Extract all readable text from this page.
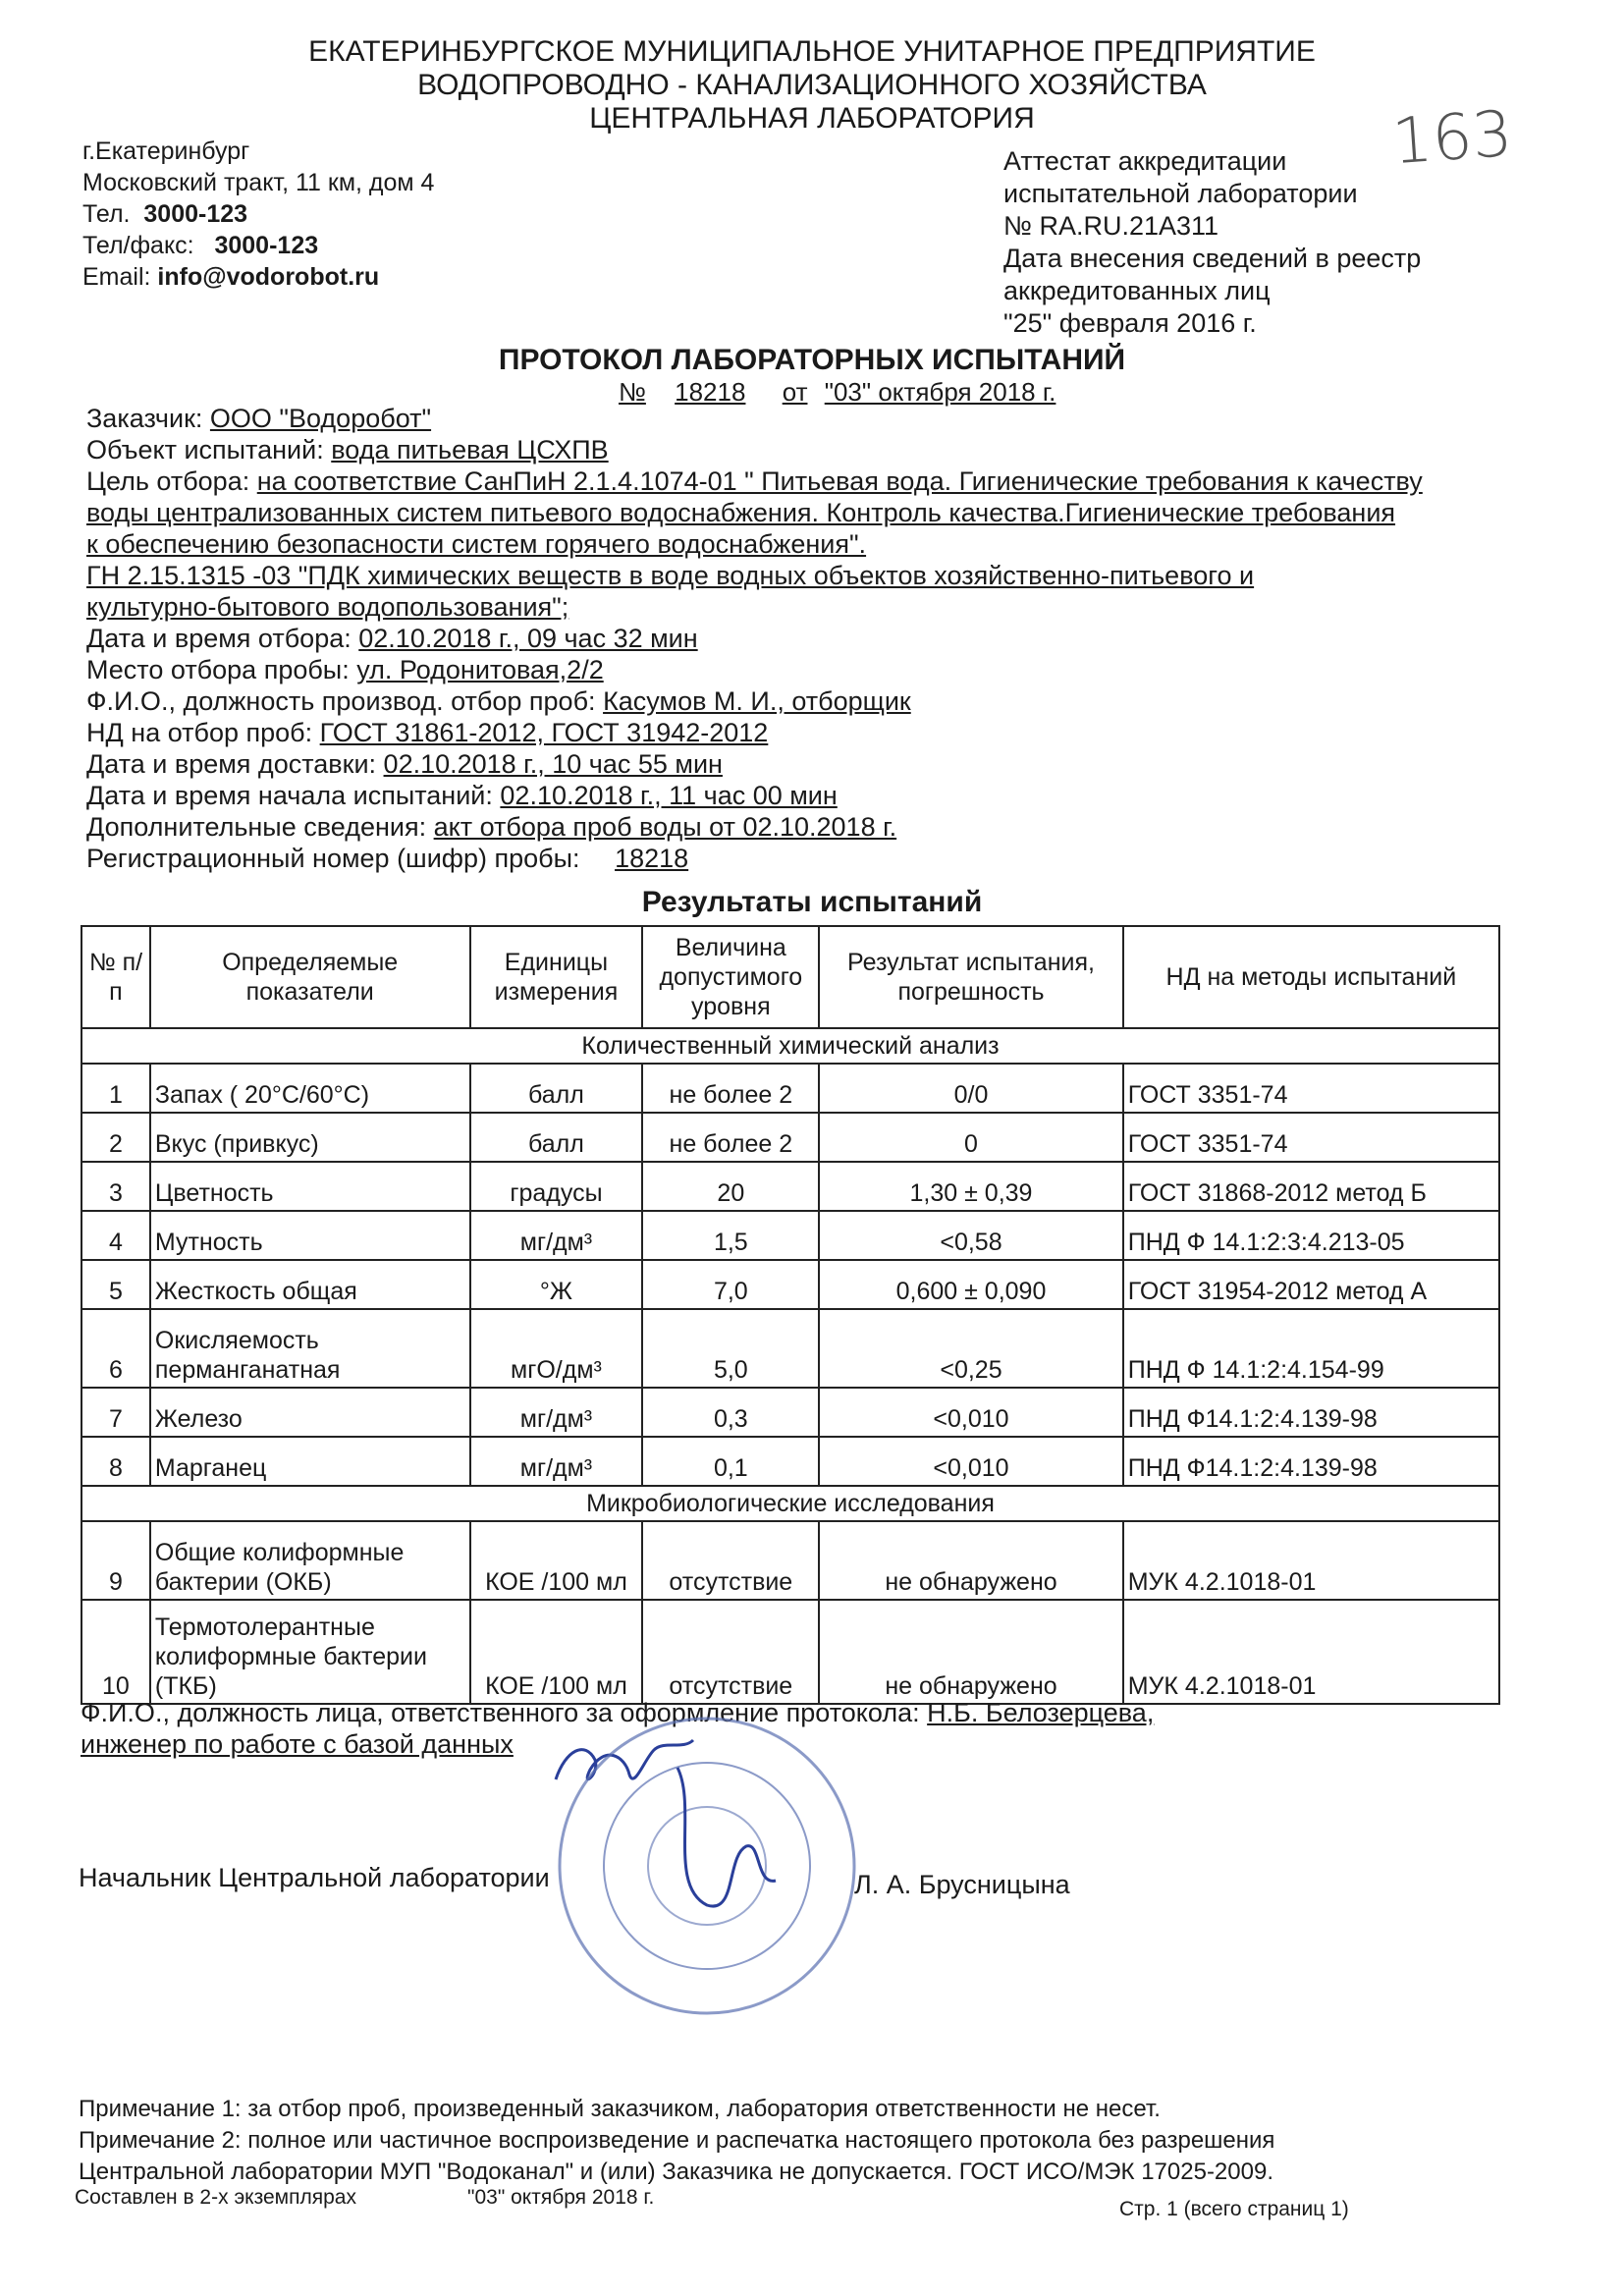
ЕКАТЕРИНБУРГСКОЕ МУНИЦИПАЛЬНОЕ УНИТАРНОЕ ПРЕДПРИЯТИЕ
ВОДОПРОВОДНО - КАНАЛИЗАЦИОННОГО ХОЗЯЙСТВА
ЦЕНТРАЛЬНАЯ ЛАБОРАТОРИЯ	163
г.Екатеринбург
Московский тракт, 11 км, дом 4
Тел. 3000-123
Тел/факс: 3000-123
Email: info@vodorobot.ru
Аттестат аккредитации
испытательной лаборатории
№ RA.RU.21A311
Дата внесения сведений в реестр
аккредитованных лиц
"25" февраля 2016 г.
ПРОТОКОЛ ЛАБОРАТОРНЫХ ИСПЫТАНИЙ
№ 18218 от "03" октября 2018 г.
Заказчик: ООО "Водоробот"
Объект испытаний: вода питьевая ЦСХПВ
Цель отбора: на соответствие СанПиН 2.1.4.1074-01 " Питьевая вода. Гигиенические требования к качеству
воды централизованных систем питьевого водоснабжения. Контроль качества.Гигиенические требования
к обеспечению безопасности систем горячего водоснабжения".
ГН 2.15.1315 -03 "ПДК химических веществ в воде водных объектов хозяйственно-питьевого и
культурно-бытового водопользования";
Дата и время отбора: 02.10.2018 г., 09 час 32 мин
Место отбора пробы: ул. Родонитовая,2/2
Ф.И.О., должность производ. отбор проб: Касумов М. И., отборщик
НД на отбор проб: ГОСТ 31861-2012, ГОСТ 31942-2012
Дата и время доставки: 02.10.2018 г., 10 час 55 мин
Дата и время начала испытаний: 02.10.2018 г., 11 час 00 мин
Дополнительные сведения: акт отбора проб воды от 02.10.2018 г.
Регистрационный номер (шифр) пробы: 18218
Результаты испытаний
№ п/п	Определяемые показатели	Единицы измерения	Величина допустимого уровня	Результат испытания, погрешность	НД на методы испытаний
Количественный химический анализ					
1	Запах ( 20°С/60°С)	балл	не более 2	0/0	ГОСТ 3351-74
2	Вкус (привкус)	балл	не более 2	0	ГОСТ 3351-74
3	Цветность	градусы	20	1,30 ± 0,39	ГОСТ 31868-2012 метод Б
4	Мутность	мг/дм³	1,5	<0,58	ПНД Ф 14.1:2:3:4.213-05
5	Жесткость общая	°Ж	7,0	0,600 ± 0,090	ГОСТ 31954-2012 метод А
6	Окисляемость перманганатная	мгО/дм³	5,0	<0,25	ПНД Ф 14.1:2:4.154-99
7	Железо	мг/дм³	0,3	<0,010	ПНД Ф14.1:2:4.139-98
8	Марганец	мг/дм³	0,1	<0,010	ПНД Ф14.1:2:4.139-98
Микробиологические исследования					
9	Общие колиформные бактерии (ОКБ)	КОЕ /100 мл	отсутствие	не обнаружено	МУК 4.2.1018-01
10	Термотолерантные колиформные бактерии (ТКБ)	КОЕ /100 мл	отсутствие	не обнаружено	МУК 4.2.1018-01
Ф.И.О., должность лица, ответственного за оформление протокола: Н.Б. Белозерцева,
инженер по работе с базой данных
Начальник Центральной лаборатории	Л. А. Брусницына
Примечание 1: за отбор проб, произведенный заказчиком, лаборатория ответственности не несет.
Примечание 2: полное или частичное воспроизведение и распечатка настоящего протокола без разрешения
Центральной лаборатории МУП "Водоканал" и (или) Заказчика не допускается. ГОСТ ИСО/МЭК 17025-2009.
Составлен в 2-х экземплярах	"03" октября 2018 г.
Стр. 1 (всего страниц 1)
